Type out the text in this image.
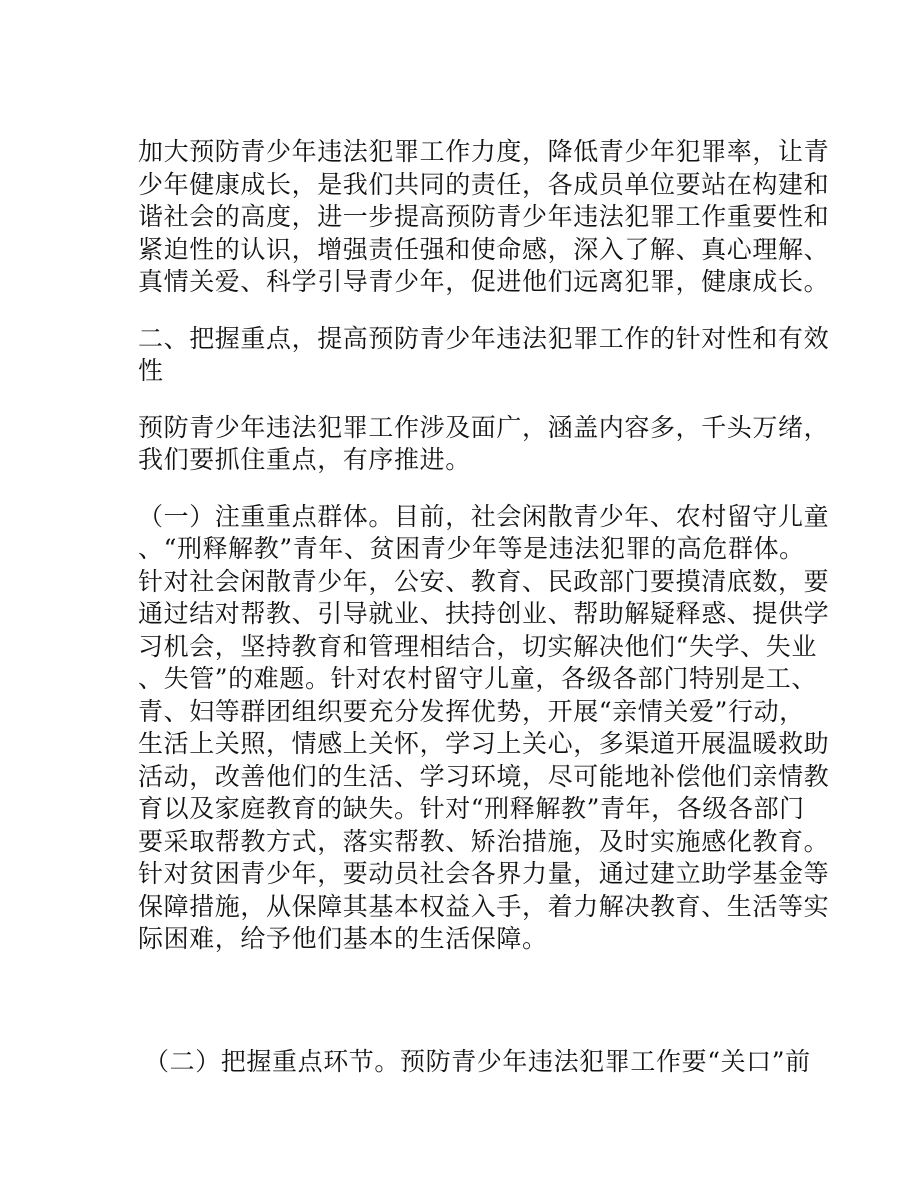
加大预防青少年违法犯罪工作力度，降低青少年犯罪率，让青
少年健康成长，是我们共同的责任，各成员单位要站在构建和
谐社会的高度，进一步提高预防青少年违法犯罪工作重要性和
紧迫性的认识，增强责任强和使命感，深入了解、真心理解、
真情关爱、科学引导青少年，促进他们远离犯罪，健康成长。

二、把握重点，提高预防青少年违法犯罪工作的针对性和有效
性

预防青少年违法犯罪工作涉及面广，涵盖内容多，千头万绪，
我们要抓住重点，有序推进。

（一）注重重点群体。目前，社会闲散青少年、农村留守儿童
、“刑释解教”青年、贫困青少年等是违法犯罪的高危群体。
针对社会闲散青少年，公安、教育、民政部门要摸清底数，要
通过结对帮教、引导就业、扶持创业、帮助解疑释惑、提供学
习机会，坚持教育和管理相结合，切实解决他们“失学、失业
、失管”的难题。针对农村留守儿童，各级各部门特别是工、
青、妇等群团组织要充分发挥优势，开展“亲情关爱”行动，
生活上关照，情感上关怀，学习上关心，多渠道开展温暖救助
活动，改善他们的生活、学习环境，尽可能地补偿他们亲情教
育以及家庭教育的缺失。针对“刑释解教”青年，各级各部门
要采取帮教方式，落实帮教、矫治措施，及时实施感化教育。
针对贫困青少年，要动员社会各界力量，通过建立助学基金等
保障措施，从保障其基本权益入手，着力解决教育、生活等实
际困难，给予他们基本的生活保障。

（二）把握重点环节。预防青少年违法犯罪工作要“关口”前
